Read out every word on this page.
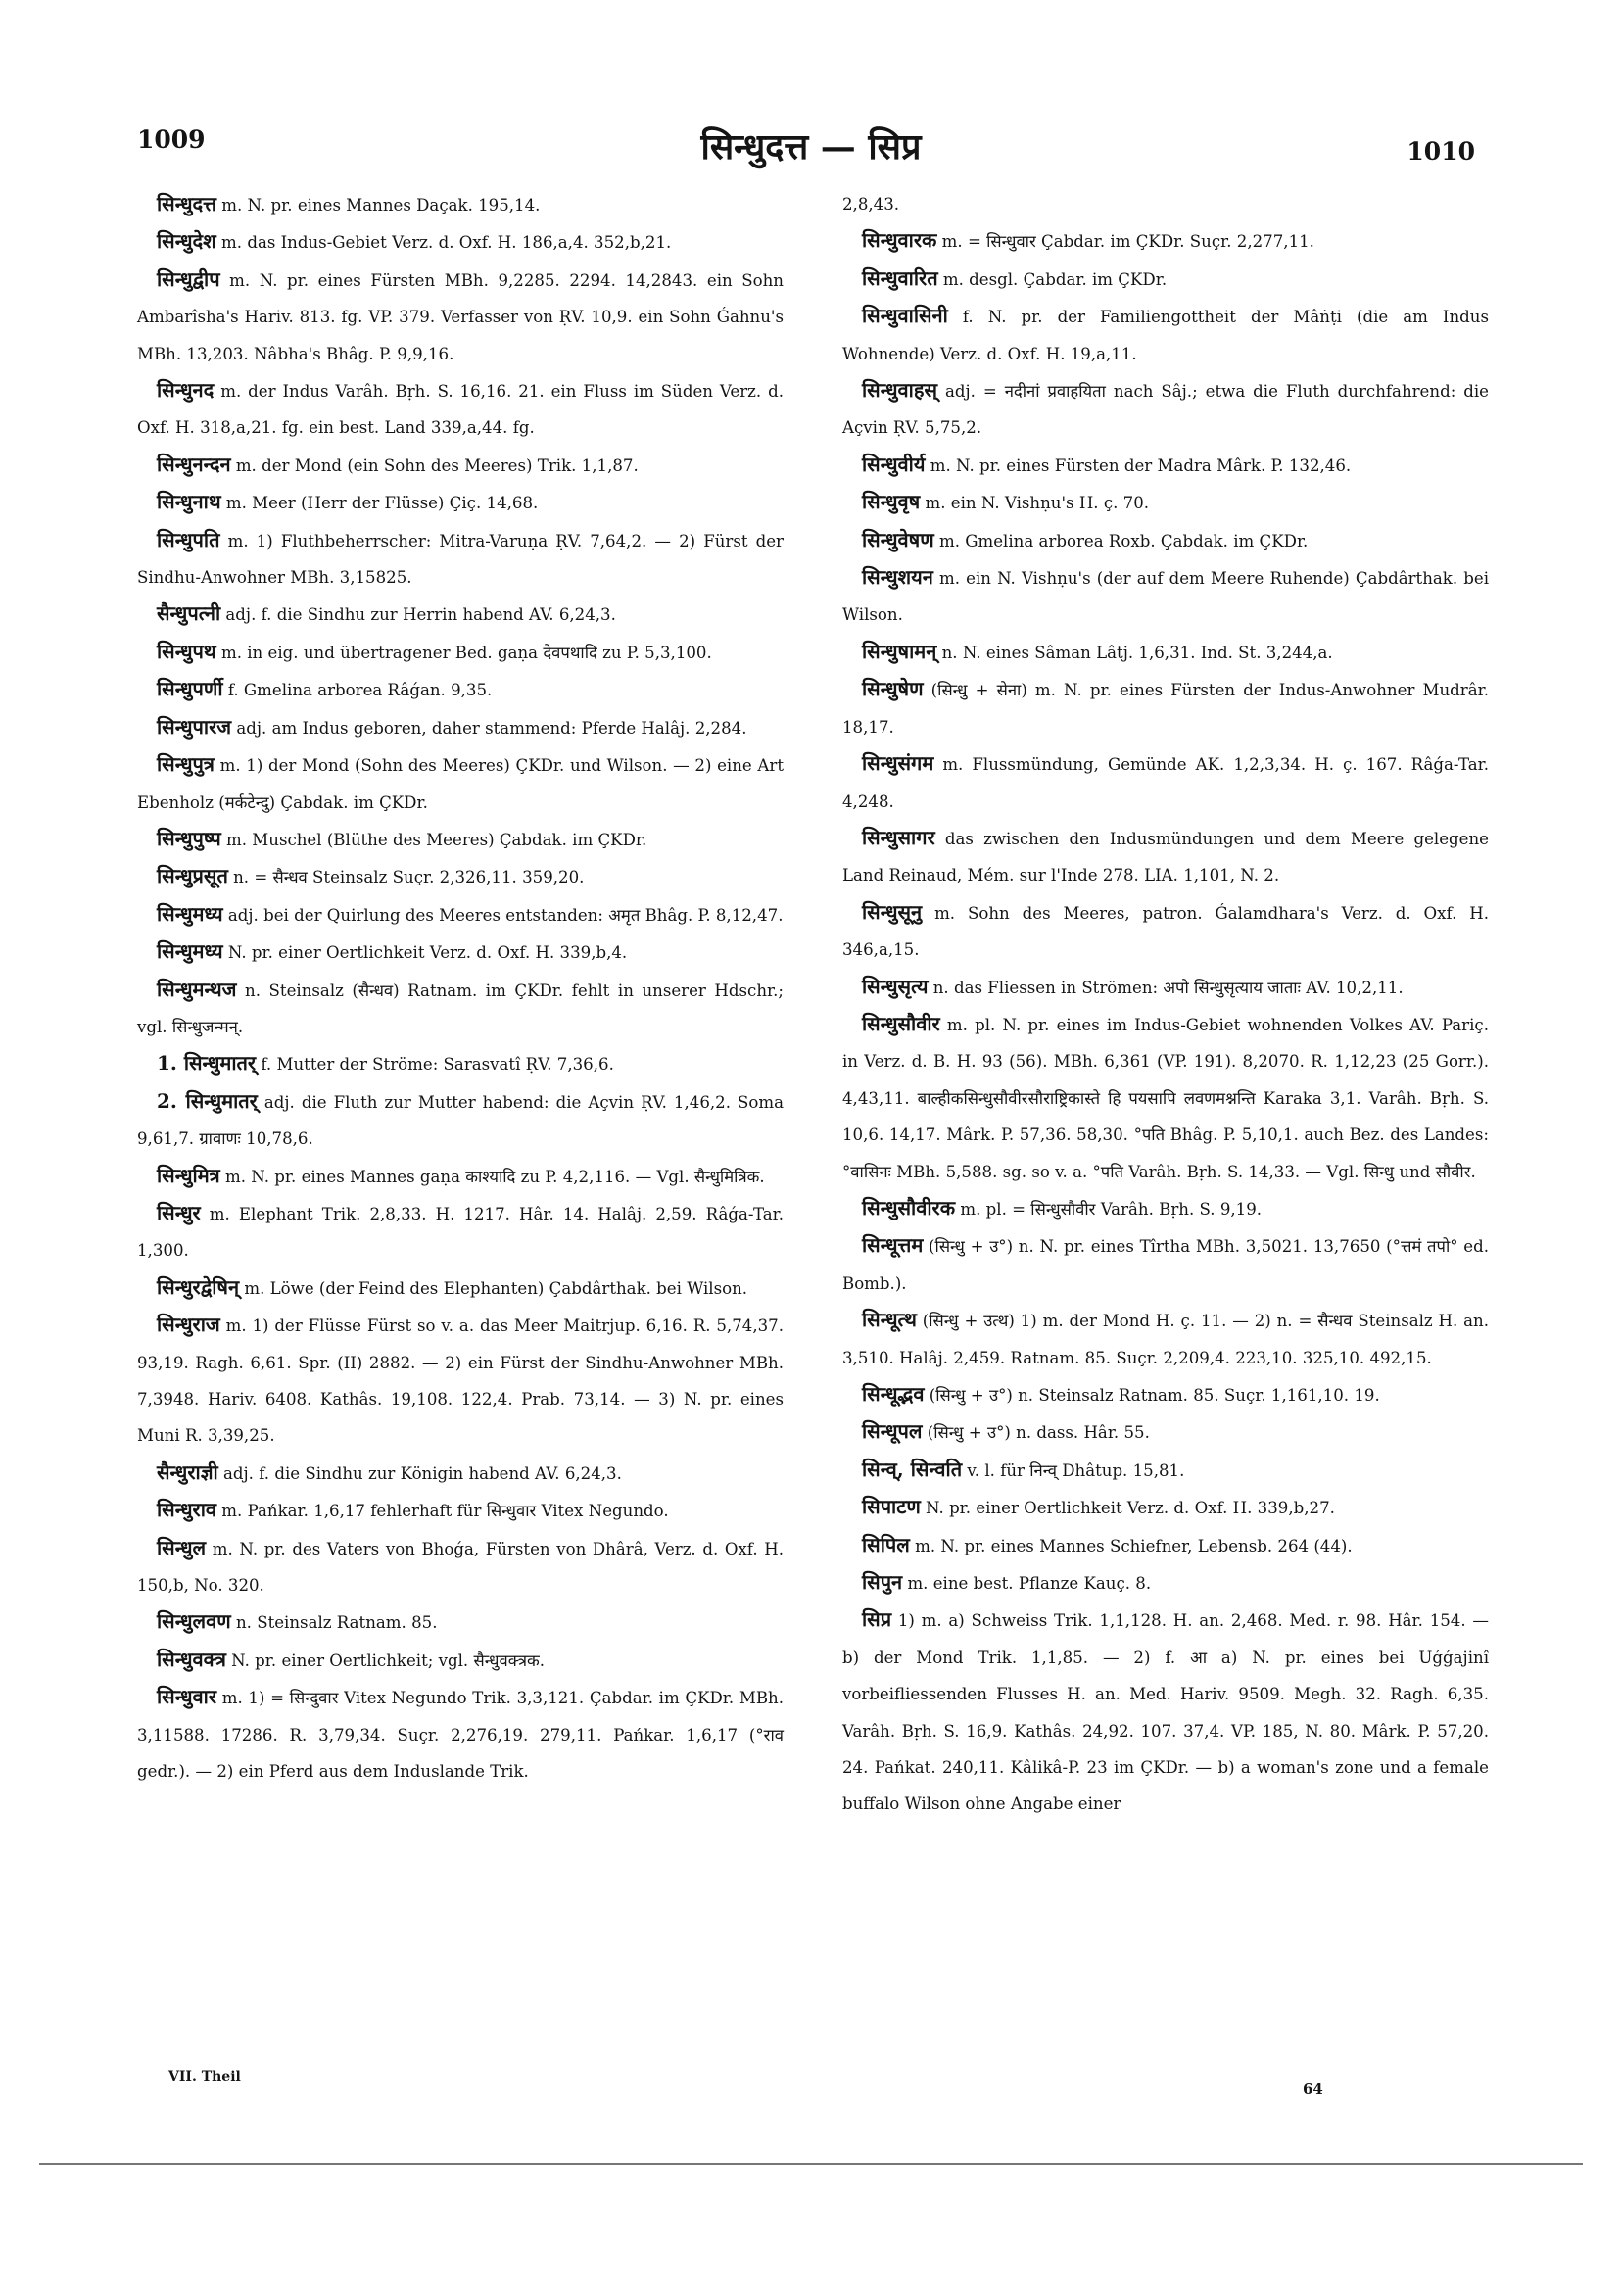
1009	सिन्धुदत्त — सिप्र	1010

सिन्धुदत्त m. N. pr. eines Mannes Daçak. 195,14.

सिन्धुदेश m. das Indus-Gebiet Verz. d. Oxf. H. 186,a,4. 352,b,21.

सिन्धुद्वीप m. N. pr. eines Fürsten MBh. 9,2285. 2294. 14,2843. ein Sohn Ambarîsha's Hariv. 813. fg. VP. 379. Verfasser von ṚV. 10,9. ein Sohn Ǵahnu's MBh. 13,203. Nâbha's Bhâg. P. 9,9,16.

सिन्धुनद m. der Indus Varâh. Bṛh. S. 16,16. 21. ein Fluss im Süden Verz. d. Oxf. H. 318,a,21. fg. ein best. Land 339,a,44. fg.

सिन्धुनन्दन m. der Mond (ein Sohn des Meeres) Trik. 1,1,87.

सिन्धुनाथ m. Meer (Herr der Flüsse) Çiç. 14,68.

सिन्धुपति m. 1) Fluthbeherrscher: Mitra-Varuṇa ṚV. 7,64,2. — 2) Fürst der Sindhu-Anwohner MBh. 3,15825.

सैन्धुपत्नी adj. f. die Sindhu zur Herrin habend AV. 6,24,3.

सिन्धुपथ m. in eig. und übertragener Bed. gaṇa देवपथादि zu P. 5,3,100.

सिन्धुपर्णी f. Gmelina arborea Râǵan. 9,35.

सिन्धुपारज adj. am Indus geboren, daher stammend: Pferde Halâj. 2,284.

सिन्धुपुत्र m. 1) der Mond (Sohn des Meeres) ÇKDr. und Wilson. — 2) eine Art Ebenholz (मर्कटेन्दु) Çabdak. im ÇKDr.

सिन्धुपुष्प m. Muschel (Blüthe des Meeres) Çabdak. im ÇKDr.

सिन्धुप्रसूत n. = सैन्धव Steinsalz Suçr. 2,326,11. 359,20.

सिन्धुमध्य adj. bei der Quirlung des Meeres entstanden: अमृत Bhâg. P. 8,12,47.

सिन्धुमध्य N. pr. einer Oertlichkeit Verz. d. Oxf. H. 339,b,4.

सिन्धुमन्थज n. Steinsalz (सैन्धव) Ratnam. im ÇKDr. fehlt in unserer Hdschr.; vgl. सिन्धुजन्मन्.

1. सिन्धुमातर् f. Mutter der Ströme: Sarasvatî ṚV. 7,36,6.

2. सिन्धुमातर् adj. die Fluth zur Mutter habend: die Açvin ṚV. 1,46,2. Soma 9,61,7. ग्रावाणः 10,78,6.

सिन्धुमित्र m. N. pr. eines Mannes gaṇa काश्यादि zu P. 4,2,116. — Vgl. सैन्धुमित्रिक.

सिन्धुर m. Elephant Trik. 2,8,33. H. 1217. Hâr. 14. Halâj. 2,59. Râǵa-Tar. 1,300.

सिन्धुरद्वेषिन् m. Löwe (der Feind des Elephanten) Çabdârthak. bei Wilson.

सिन्धुराज m. 1) der Flüsse Fürst so v. a. das Meer Maitrjup. 6,16. R. 5,74,37. 93,19. Ragh. 6,61. Spr. (II) 2882. — 2) ein Fürst der Sindhu-Anwohner MBh. 7,3948. Hariv. 6408. Kathâs. 19,108. 122,4. Prab. 73,14. — 3) N. pr. eines Muni R. 3,39,25.

सैन्धुराज्ञी adj. f. die Sindhu zur Königin habend AV. 6,24,3.

सिन्धुराव m. Pańkar. 1,6,17 fehlerhaft für सिन्धुवार Vitex Negundo.

सिन्धुल m. N. pr. des Vaters von Bhoǵa, Fürsten von Dhârâ, Verz. d. Oxf. H. 150,b, No. 320.

सिन्धुलवण n. Steinsalz Ratnam. 85.

सिन्धुवक्त्र N. pr. einer Oertlichkeit; vgl. सैन्धुवक्त्रक.

सिन्धुवार m. 1) = सिन्दुवार Vitex Negundo Trik. 3,3,121. Çabdar. im ÇKDr. MBh. 3,11588. 17286. R. 3,79,34. Suçr. 2,276,19. 279,11. Pańkar. 1,6,17 (°राव gedr.). — 2) ein Pferd aus dem Induslande Trik.

2,8,43.

सिन्धुवारक m. = सिन्धुवार Çabdar. im ÇKDr. Suçr. 2,277,11.

सिन्धुवारित m. desgl. Çabdar. im ÇKDr.

सिन्धुवासिनी f. N. pr. der Familiengottheit der Mâṅṭi (die am Indus Wohnende) Verz. d. Oxf. H. 19,a,11.

सिन्धुवाहस् adj. = नदीनां प्रवाहयिता nach Sâj.; etwa die Fluth durchfahrend: die Açvin ṚV. 5,75,2.

सिन्धुवीर्य m. N. pr. eines Fürsten der Madra Mârk. P. 132,46.

सिन्धुवृष m. ein N. Vishṇu's H. ç. 70.

सिन्धुवेषण m. Gmelina arborea Roxb. Çabdak. im ÇKDr.

सिन्धुशयन m. ein N. Vishṇu's (der auf dem Meere Ruhende) Çabdârthak. bei Wilson.

सिन्धुषामन् n. N. eines Sâman Lâtj. 1,6,31. Ind. St. 3,244,a.

सिन्धुषेण (सिन्धु + सेना) m. N. pr. eines Fürsten der Indus-Anwohner Mudrâr. 18,17.

सिन्धुसंगम m. Flussmündung, Gemünde AK. 1,2,3,34. H. ç. 167. Râǵa-Tar. 4,248.

सिन्धुसागर das zwischen den Indusmündungen und dem Meere gelegene Land Reinaud, Mém. sur l'Inde 278. LIA. 1,101, N. 2.

सिन्धुसूनु m. Sohn des Meeres, patron. Ǵalamdhara's Verz. d. Oxf. H. 346,a,15.

सिन्धुसृत्य n. das Fliessen in Strömen: अपो सिन्धुसृत्याय जाताः AV. 10,2,11.

सिन्धुसौवीर m. pl. N. pr. eines im Indus-Gebiet wohnenden Volkes AV. Pariç. in Verz. d. B. H. 93 (56). MBh. 6,361 (VP. 191). 8,2070. R. 1,12,23 (25 Gorr.). 4,43,11. बाल्हीकसिन्धुसौवीरसौराष्ट्रिकास्ते हि पयसापि लवणमश्नन्ति Karaka 3,1. Varâh. Bṛh. S. 10,6. 14,17. Mârk. P. 57,36. 58,30. °पति Bhâg. P. 5,10,1. auch Bez. des Landes: °वासिनः MBh. 5,588. sg. so v. a. °पति Varâh. Bṛh. S. 14,33. — Vgl. सिन्धु und सौवीर.

सिन्धुसौवीरक m. pl. = सिन्धुसौवीर Varâh. Bṛh. S. 9,19.

सिन्धूत्तम (सिन्धु + उ°) n. N. pr. eines Tîrtha MBh. 3,5021. 13,7650 (°त्तमं तपो° ed. Bomb.).

सिन्धूत्थ (सिन्धु + उत्थ) 1) m. der Mond H. ç. 11. — 2) n. = सैन्धव Steinsalz H. an. 3,510. Halâj. 2,459. Ratnam. 85. Suçr. 2,209,4. 223,10. 325,10. 492,15.

सिन्धूद्भव (सिन्धु + उ°) n. Steinsalz Ratnam. 85. Suçr. 1,161,10. 19.

सिन्धूपल (सिन्धु + उ°) n. dass. Hâr. 55.

सिन्व्, सिन्वति v. l. für निन्व् Dhâtup. 15,81.

सिपाटण N. pr. einer Oertlichkeit Verz. d. Oxf. H. 339,b,27.

सिपिल m. N. pr. eines Mannes Schiefner, Lebensb. 264 (44).

सिपुन m. eine best. Pflanze Kauç. 8.

सिप्र 1) m. a) Schweiss Trik. 1,1,128. H. an. 2,468. Med. r. 98. Hâr. 154. — b) der Mond Trik. 1,1,85. — 2) f. आ a) N. pr. eines bei Uǵǵajinî vorbeifliessenden Flusses H. an. Med. Hariv. 9509. Megh. 32. Ragh. 6,35. Varâh. Bṛh. S. 16,9. Kathâs. 24,92. 107. 37,4. VP. 185, N. 80. Mârk. P. 57,20. 24. Pańkat. 240,11. Kâlikâ-P. 23 im ÇKDr. — b) a woman's zone und a female buffalo Wilson ohne Angabe einer

VII. Theil
64
